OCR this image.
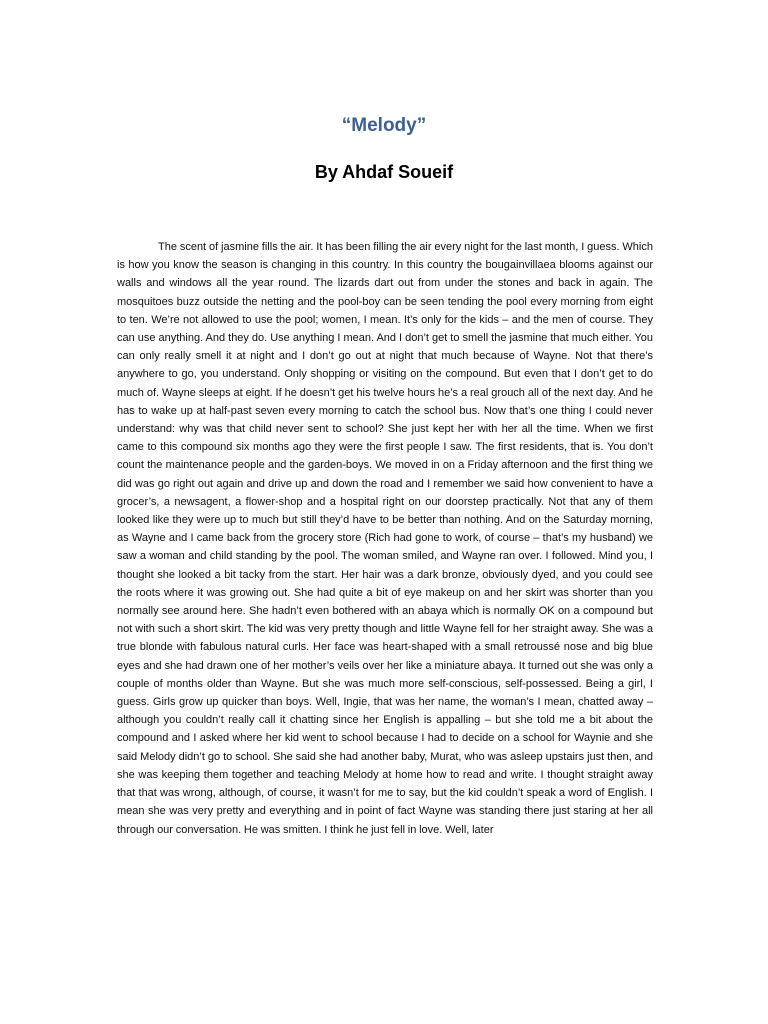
“Melody”
By Ahdaf Soueif

The scent of jasmine fills the air. It has been filling the air every night for the last month, I guess. Which is how you know the season is changing in this country. In this country the bougainvillaea blooms against our walls and windows all the year round. The lizards dart out from under the stones and back in again. The mosquitoes buzz outside the netting and the pool-boy can be seen tending the pool every morning from eight to ten. We’re not allowed to use the pool; women, I mean. It’s only for the kids – and the men of course. They can use anything. And they do. Use anything I mean. And I don’t get to smell the jasmine that much either. You can only really smell it at night and I don’t go out at night that much because of Wayne. Not that there’s anywhere to go, you understand. Only shopping or visiting on the compound. But even that I don’t get to do much of. Wayne sleeps at eight. If he doesn’t get his twelve hours he’s a real grouch all of the next day. And he has to wake up at half-past seven every morning to catch the school bus. Now that’s one thing I could never understand: why was that child never sent to school? She just kept her with her all the time. When we first came to this compound six months ago they were the first people I saw. The first residents, that is. You don’t count the maintenance people and the garden-boys. We moved in on a Friday afternoon and the first thing we did was go right out again and drive up and down the road and I remember we said how convenient to have a grocer’s, a newsagent, a flower-shop and a hospital right on our doorstep practically. Not that any of them looked like they were up to much but still they’d have to be better than nothing. And on the Saturday morning, as Wayne and I came back from the grocery store (Rich had gone to work, of course – that’s my husband) we saw a woman and child standing by the pool. The woman smiled, and Wayne ran over. I followed. Mind you, I thought she looked a bit tacky from the start. Her hair was a dark bronze, obviously dyed, and you could see the roots where it was growing out. She had quite a bit of eye makeup on and her skirt was shorter than you normally see around here. She hadn’t even bothered with an abaya which is normally OK on a compound but not with such a short skirt. The kid was very pretty though and little Wayne fell for her straight away. She was a true blonde with fabulous natural curls. Her face was heart-shaped with a small retroussé nose and big blue eyes and she had drawn one of her mother’s veils over her like a miniature abaya. It turned out she was only a couple of months older than Wayne. But she was much more self-conscious, self-possessed. Being a girl, I guess. Girls grow up quicker than boys. Well, Ingie, that was her name, the woman’s I mean, chatted away – although you couldn’t really call it chatting since her English is appalling – but she told me a bit about the compound and I asked where her kid went to school because I had to decide on a school for Waynie and she said Melody didn’t go to school. She said she had another baby, Murat, who was asleep upstairs just then, and she was keeping them together and teaching Melody at home how to read and write. I thought straight away that that was wrong, although, of course, it wasn’t for me to say, but the kid couldn’t speak a word of English. I mean she was very pretty and everything and in point of fact Wayne was standing there just staring at her all through our conversation. He was smitten. I think he just fell in love. Well, later
